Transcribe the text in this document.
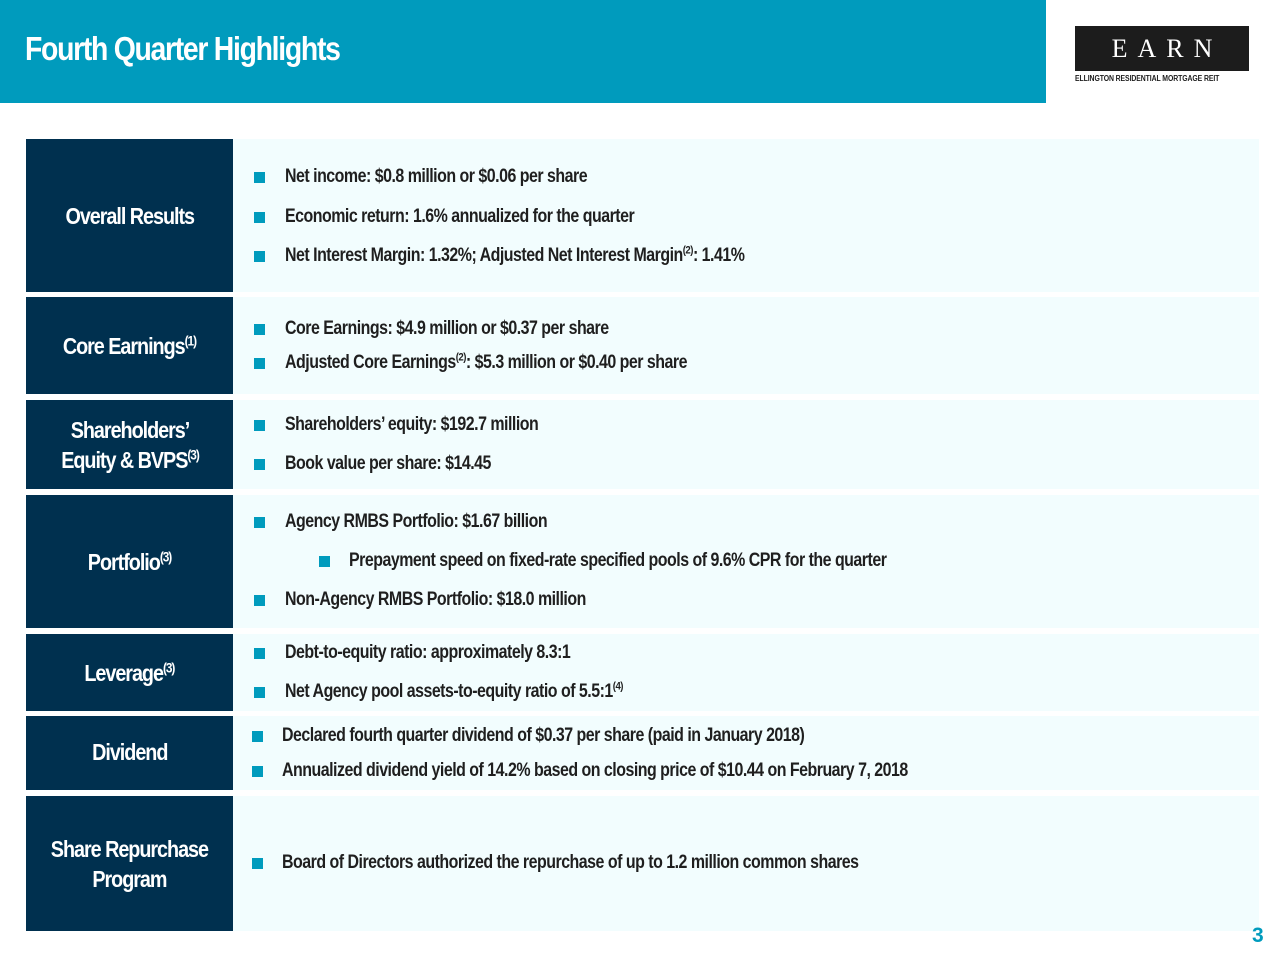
Fourth Quarter Highlights	EARN
ELLINGTON RESIDENTIAL MORTGAGE REIT
Overall Results
Net income: $0.8 million or $0.06 per share
Economic return: 1.6% annualized for the quarter
Net Interest Margin: 1.32%; Adjusted Net Interest Margin$^{(2)}$: 1.41%
Core Earnings$^{(1)}$
Core Earnings: $4.9 million or $0.37 per share
Adjusted Core Earnings$^{(2)}$: $5.3 million or $0.40 per share
Shareholders’
Equity & BVPS$^{(3)}$
Shareholders’ equity: $192.7 million
Book value per share: $14.45
Portfolio$^{(3)}$
Agency RMBS Portfolio: $1.67 billion
Prepayment speed on fixed-rate specified pools of 9.6% CPR for the quarter
Non-Agency RMBS Portfolio: $18.0 million
Leverage$^{(3)}$
Debt-to-equity ratio: approximately 8.3:1
Net Agency pool assets-to-equity ratio of 5.5:1$^{(4)}$
Dividend
Declared fourth quarter dividend of $0.37 per share (paid in January 2018)
Annualized dividend yield of 14.2% based on closing price of $10.44 on February 7, 2018
Share Repurchase
Program
Board of Directors authorized the repurchase of up to 1.2 million common shares
3
